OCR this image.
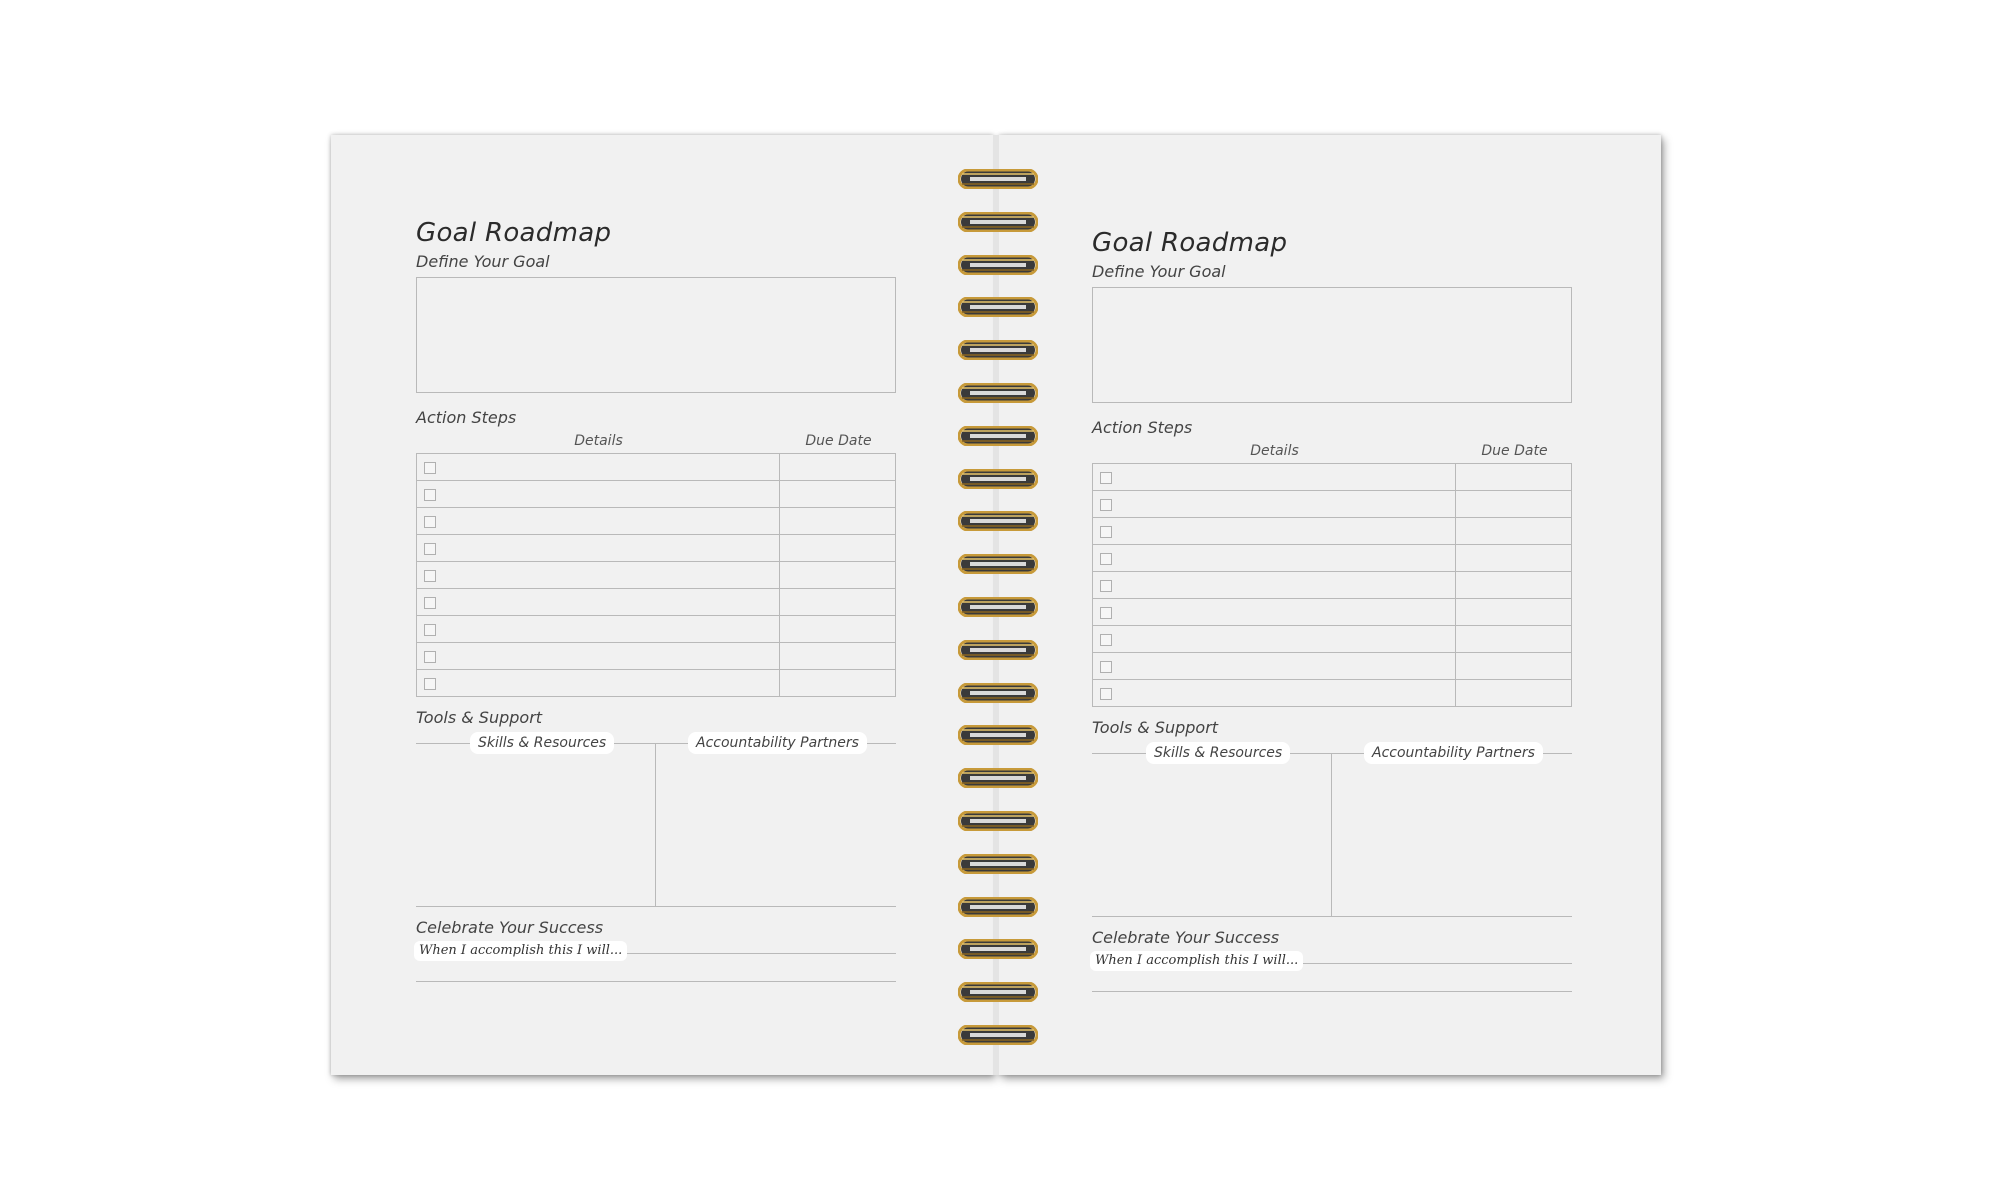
Goal Roadmap
Define Your Goal
Action Steps
Details	Due Date

Tools & Support
Skills & Resources	Accountability Partners
Celebrate Your Success
When I accomplish this I will...
Goal Roadmap
Define Your Goal
Action Steps
Details	Due Date

Tools & Support
Skills & Resources	Accountability Partners
Celebrate Your Success
When I accomplish this I will...
